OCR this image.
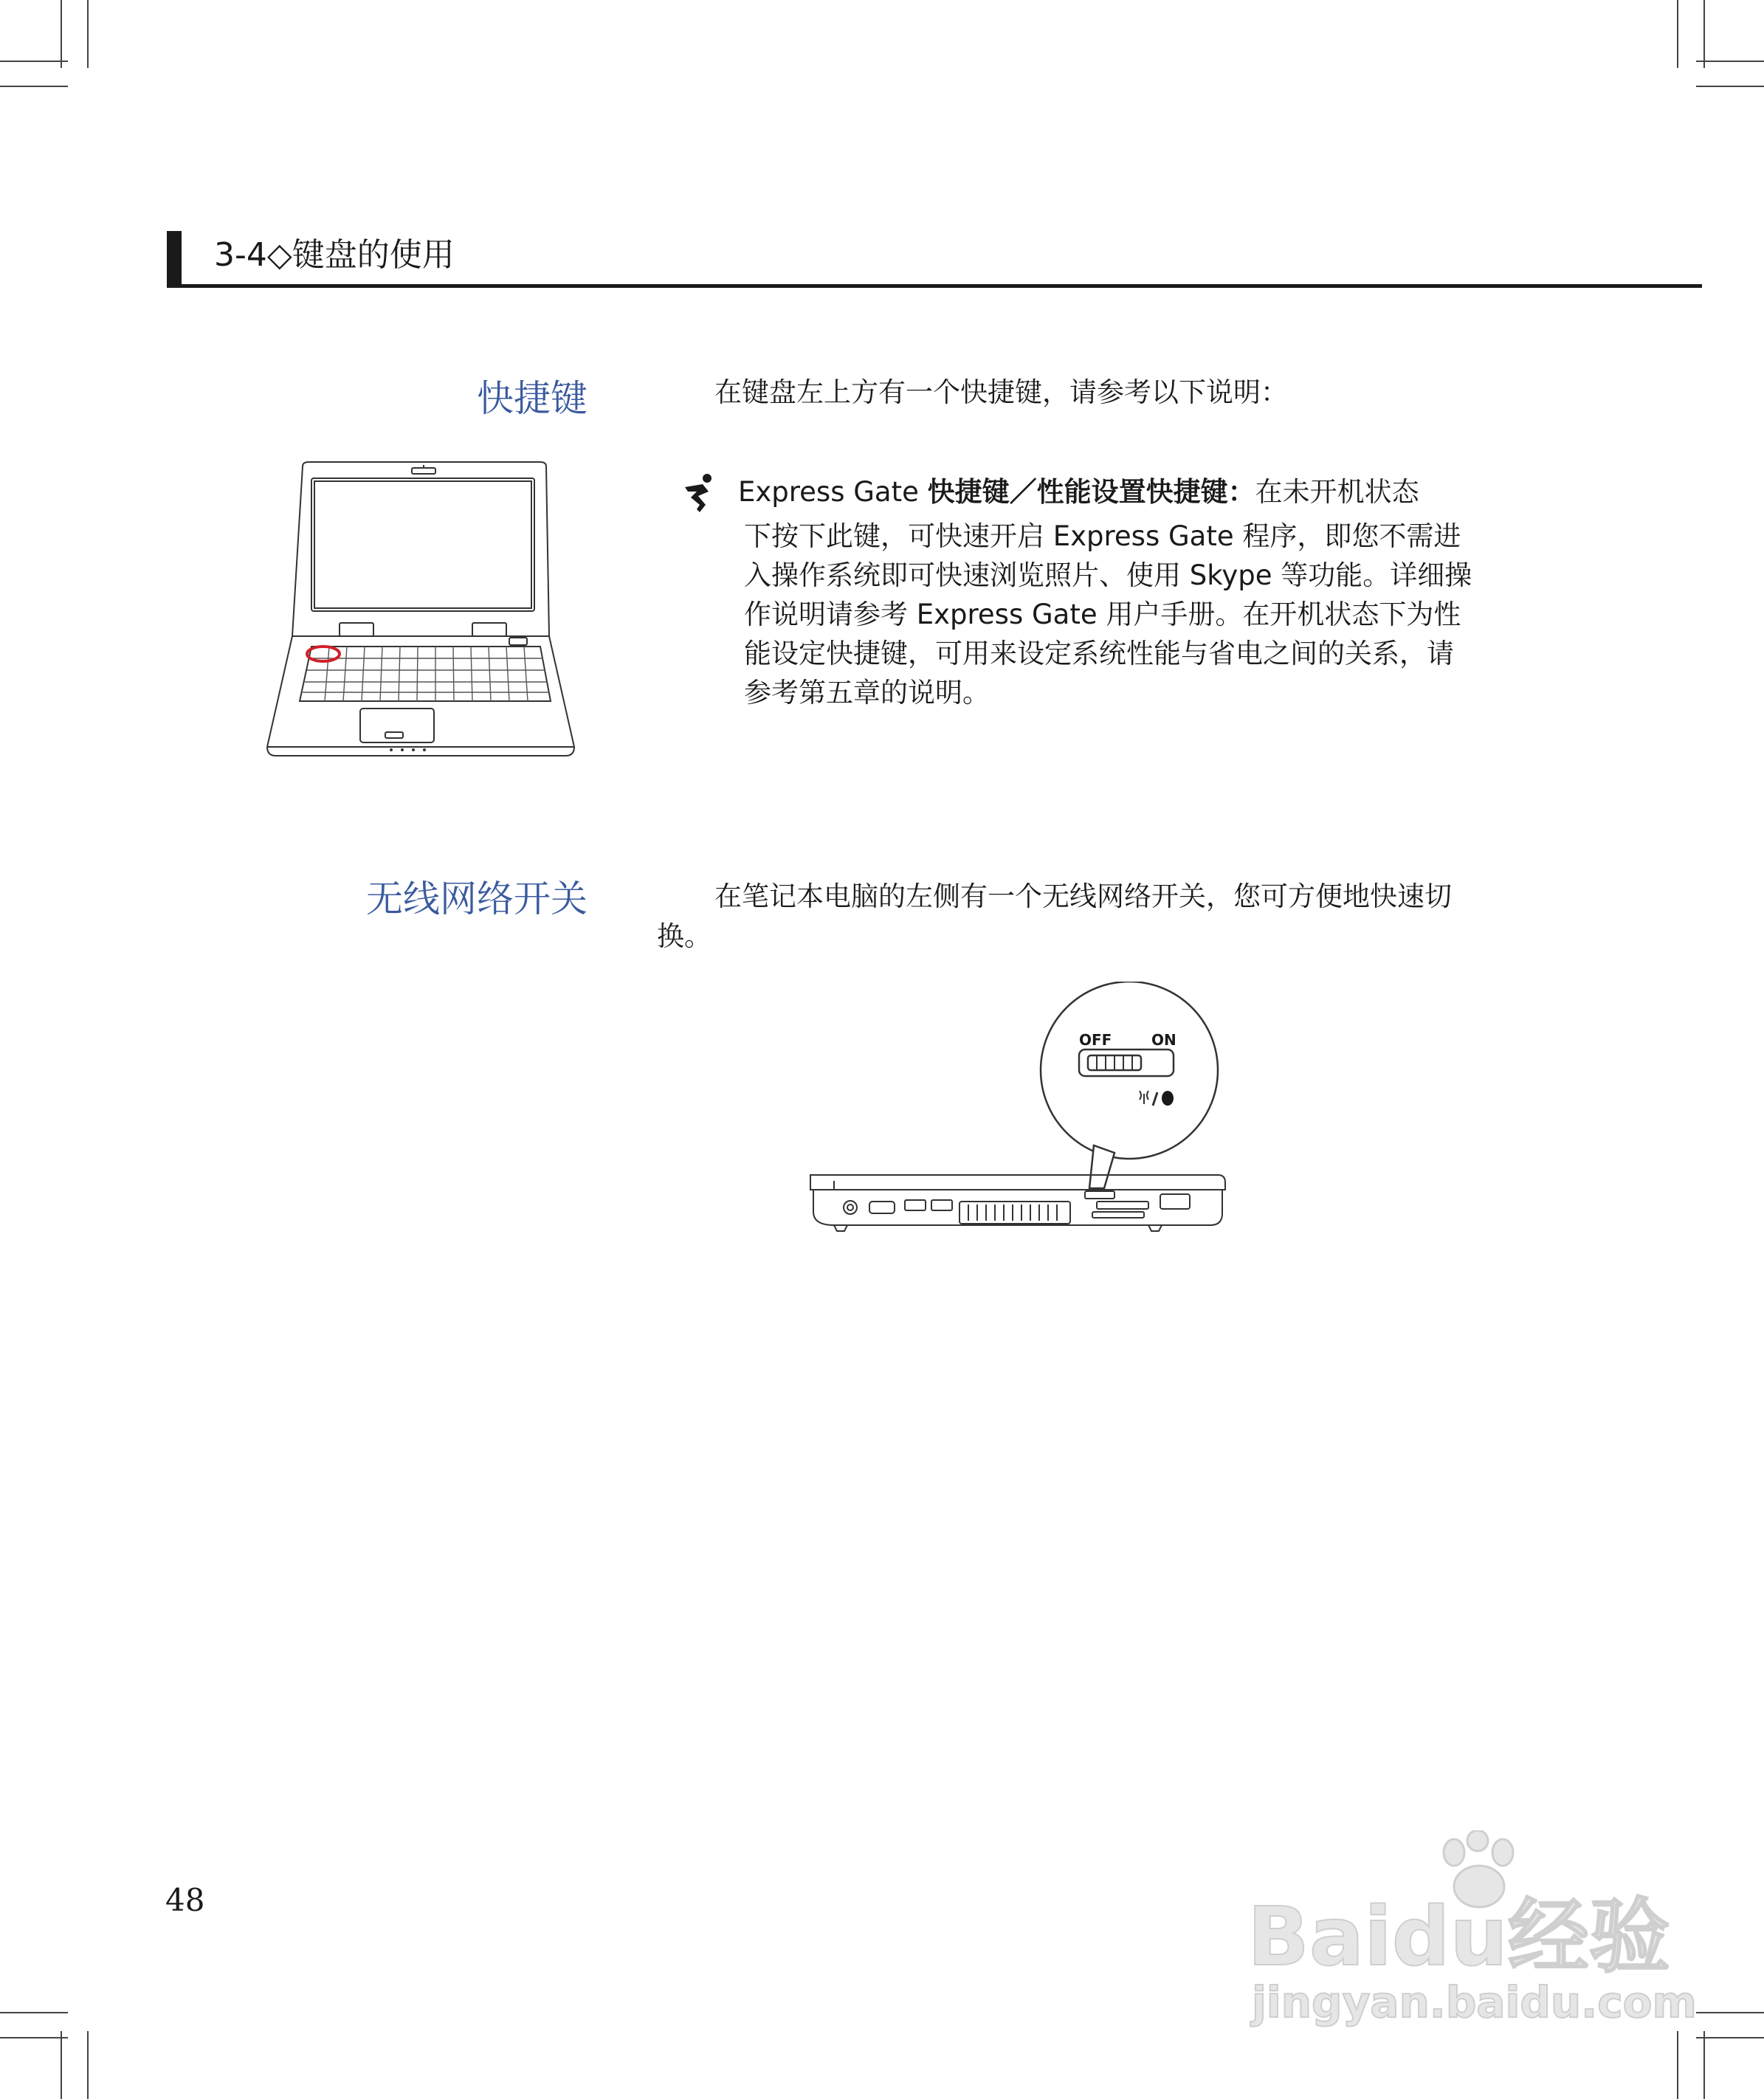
3-4◇键盘的使用
快捷键	在键盘左上方有一个快捷键，请参考以下说明：
Express Gate 快捷键／性能设置快捷键：在未开机状态
下按下此键，可快速开启 Express Gate 程序，即您不需进入操作系统即可快速浏览照片、使用 Skype 等功能。详细操作说明请参考 Express Gate 用户手册。在开机状态下为性能设定快捷键，可用来设定系统性能与省电之间的关系，请参考第五章的说明。
无线网络开关	在笔记本电脑的左侧有一个无线网络开关，您可方便地快速切换。
OFF	ON
48	Baidu经验
jingyan.baidu.com
